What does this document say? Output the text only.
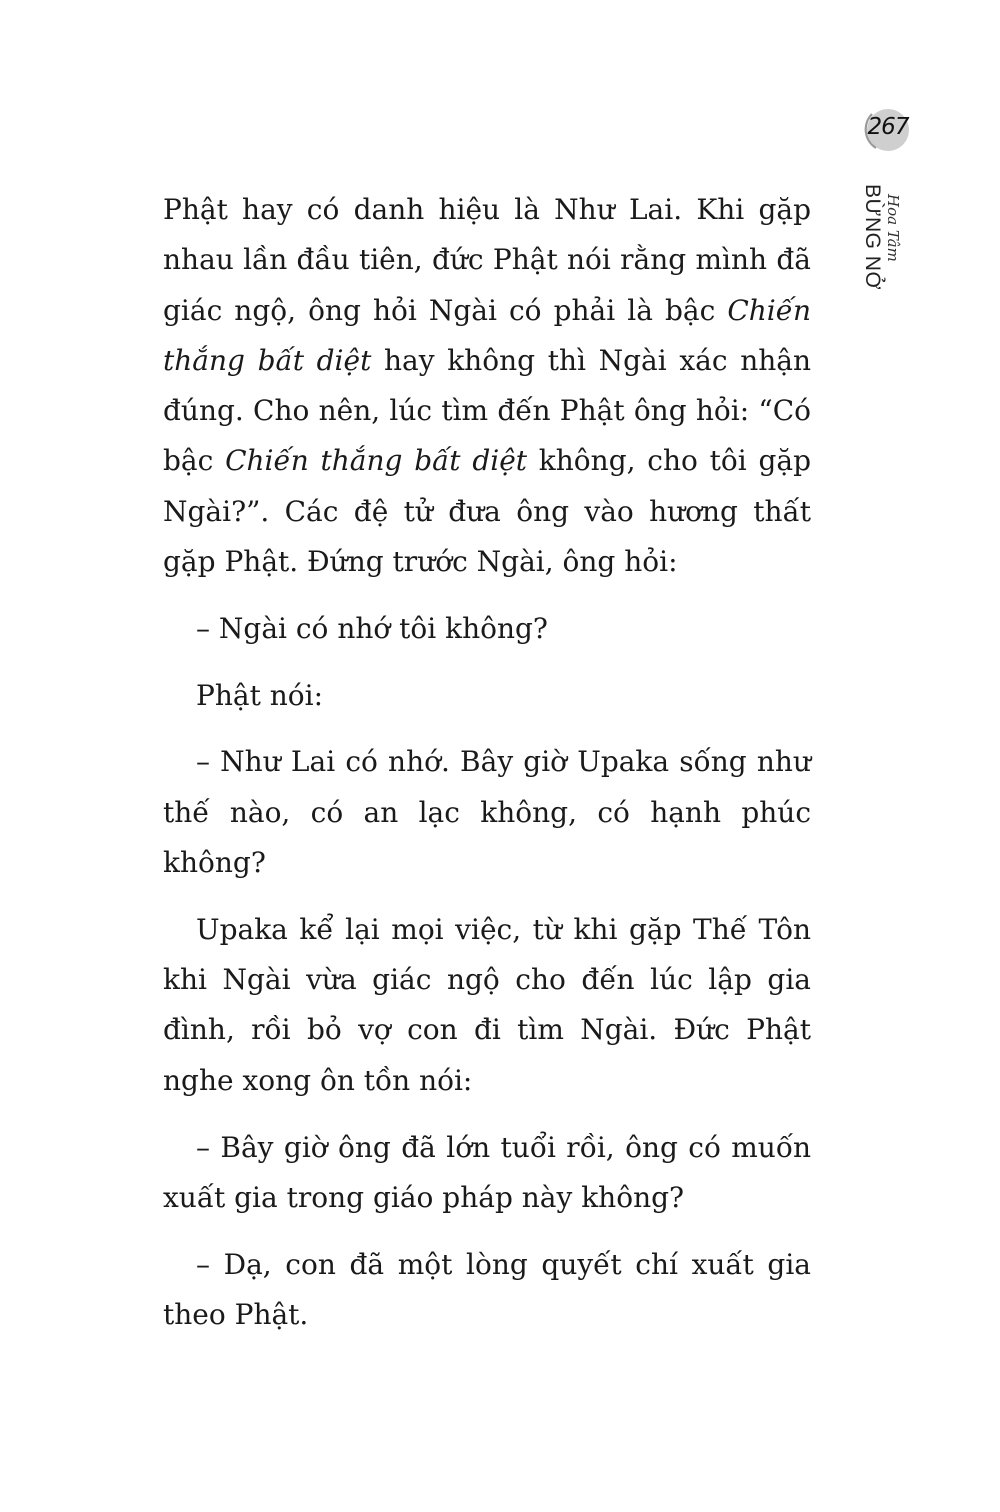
267
Hoa Tâm
BỪNG NỞ

Phật hay có danh hiệu là Như Lai. Khi gặp nhau lần đầu tiên, đức Phật nói rằng mình đã giác ngộ, ông hỏi Ngài có phải là bậc Chiến thắng bất diệt hay không thì Ngài xác nhận đúng. Cho nên, lúc tìm đến Phật ông hỏi: “Có bậc Chiến thắng bất diệt không, cho tôi gặp Ngài?”. Các đệ tử đưa ông vào hương thất gặp Phật. Đứng trước Ngài, ông hỏi:

– Ngài có nhớ tôi không?

Phật nói:

– Như Lai có nhớ. Bây giờ Upaka sống như thế nào, có an lạc không, có hạnh phúc không?

Upaka kể lại mọi việc, từ khi gặp Thế Tôn khi Ngài vừa giác ngộ cho đến lúc lập gia đình, rồi bỏ vợ con đi tìm Ngài. Đức Phật nghe xong ôn tồn nói:

– Bây giờ ông đã lớn tuổi rồi, ông có muốn xuất gia trong giáo pháp này không?

– Dạ, con đã một lòng quyết chí xuất gia theo Phật.
